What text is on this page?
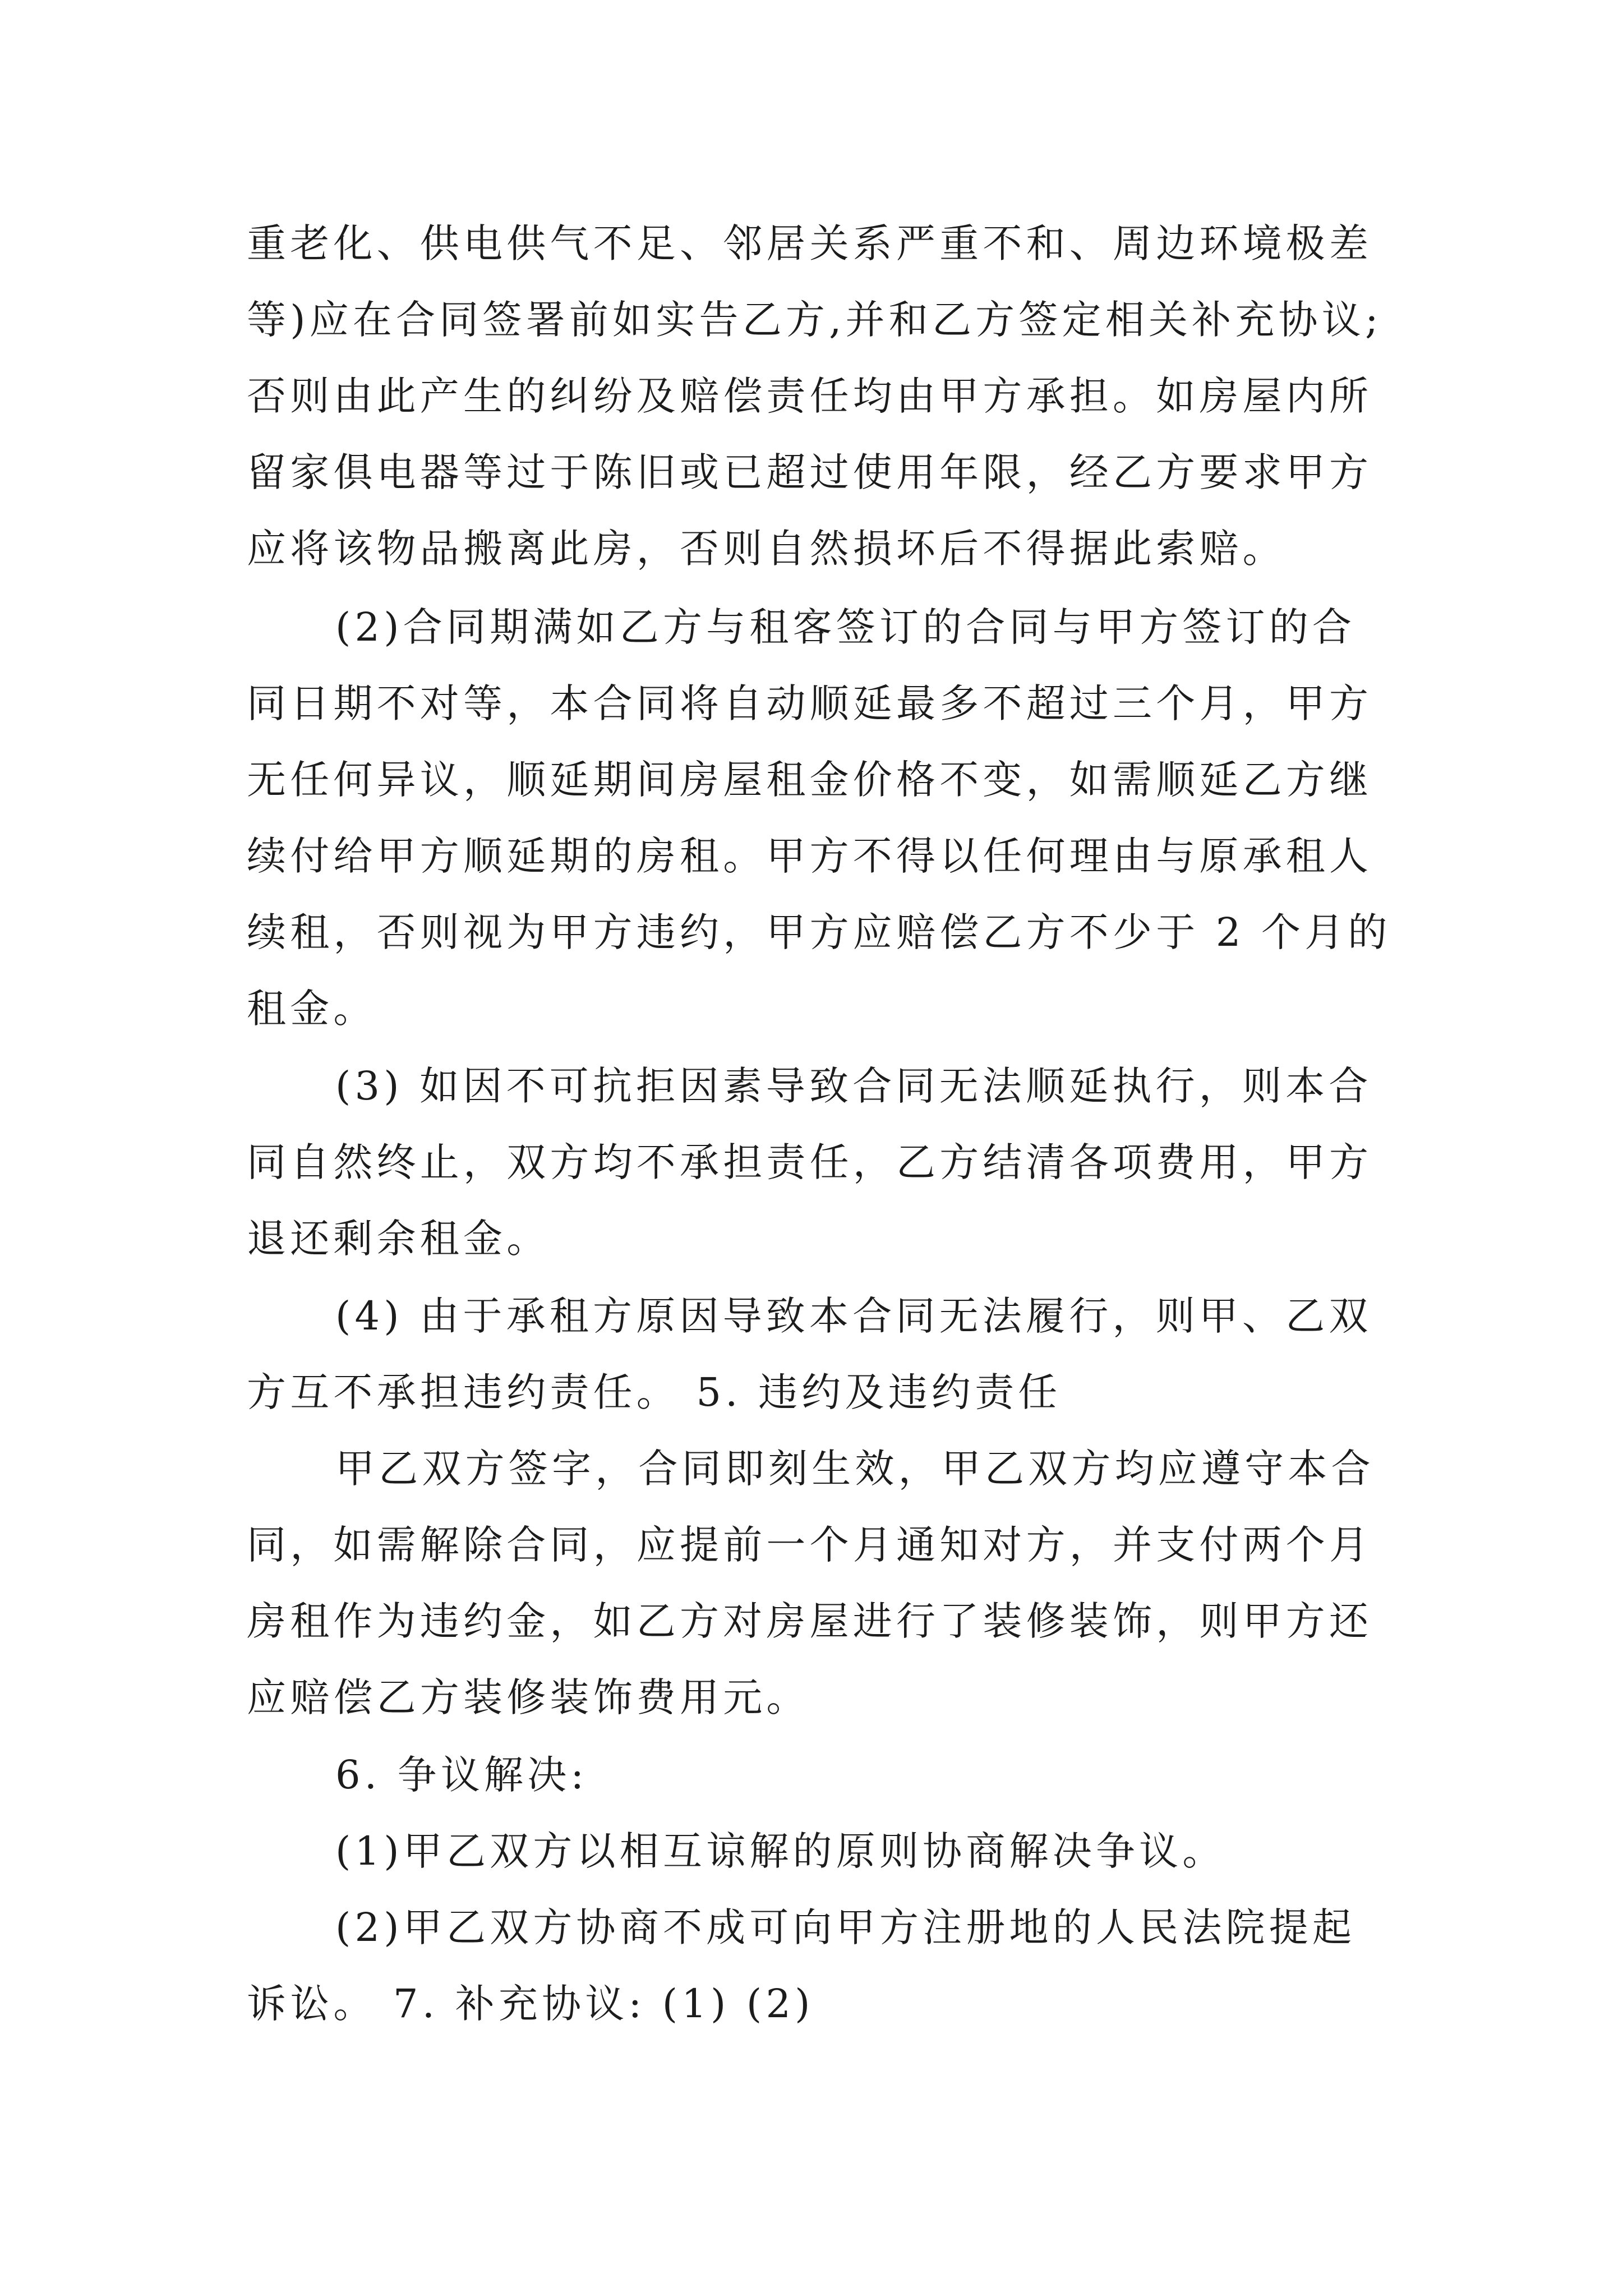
重老化、供电供气不足、邻居关系严重不和、周边环境极差
等)应在合同签署前如实告乙方,并和乙方签定相关补充协议;
否则由此产生的纠纷及赔偿责任均由甲方承担。如房屋内所
留家俱电器等过于陈旧或已超过使用年限，经乙方要求甲方
应将该物品搬离此房，否则自然损坏后不得据此索赔。
(2)合同期满如乙方与租客签订的合同与甲方签订的合
同日期不对等，本合同将自动顺延最多不超过三个月，甲方
无任何异议，顺延期间房屋租金价格不变，如需顺延乙方继
续付给甲方顺延期的房租。甲方不得以任何理由与原承租人
续租，否则视为甲方违约，甲方应赔偿乙方不少于 2 个月的
租金。
(3) 如因不可抗拒因素导致合同无法顺延执行，则本合
同自然终止，双方均不承担责任，乙方结清各项费用，甲方
退还剩余租金。
(4) 由于承租方原因导致本合同无法履行，则甲、乙双
方互不承担违约责任。 5. 违约及违约责任
甲乙双方签字，合同即刻生效，甲乙双方均应遵守本合
同，如需解除合同，应提前一个月通知对方，并支付两个月
房租作为违约金，如乙方对房屋进行了装修装饰，则甲方还
应赔偿乙方装修装饰费用元。
6. 争议解决:
(1)甲乙双方以相互谅解的原则协商解决争议。
(2)甲乙双方协商不成可向甲方注册地的人民法院提起
诉讼。 7. 补充协议: (1) (2)
